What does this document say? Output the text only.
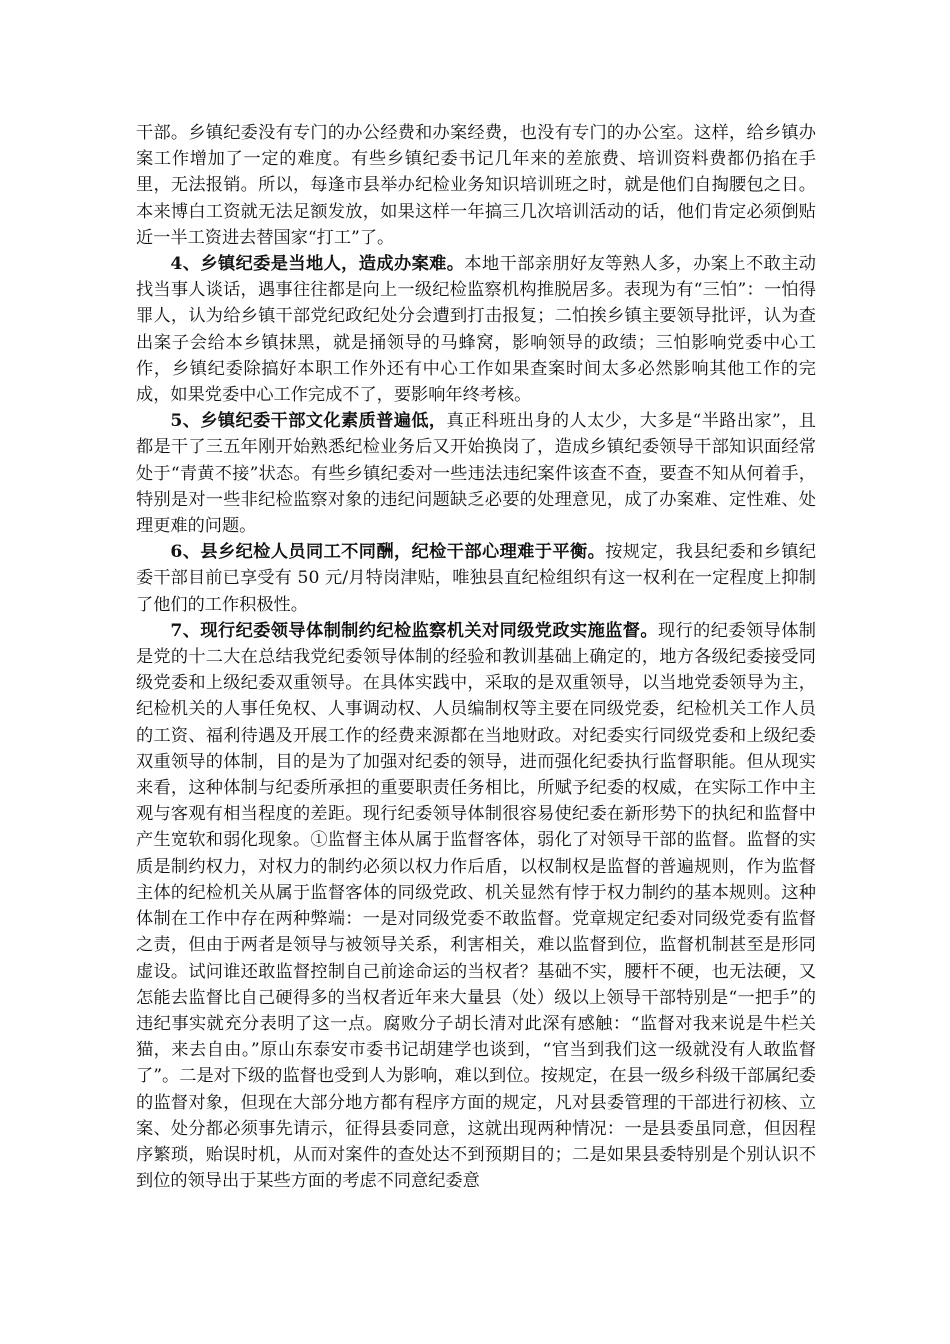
干部。乡镇纪委没有专门的办公经费和办案经费，也没有专门的办公室。这样，给乡镇办案工作增加了一定的难度。有些乡镇纪委书记几年来的差旅费、培训资料费都仍掐在手里，无法报销。所以，每逢市县举办纪检业务知识培训班之时，就是他们自掏腰包之日。本来博白工资就无法足额发放，如果这样一年搞三几次培训活动的话，他们肯定必须倒贴近一半工资进去替国家“打工”了。

4、乡镇纪委是当地人，造成办案难。本地干部亲朋好友等熟人多，办案上不敢主动找当事人谈话，遇事往往都是向上一级纪检监察机构推脱居多。表现为有“三怕”：一怕得罪人，认为给乡镇干部党纪政纪处分会遭到打击报复；二怕挨乡镇主要领导批评，认为查出案子会给本乡镇抹黑，就是捅领导的马蜂窝，影响领导的政绩；三怕影响党委中心工作，乡镇纪委除搞好本职工作外还有中心工作如果查案时间太多必然影响其他工作的完成，如果党委中心工作完成不了，要影响年终考核。

5、乡镇纪委干部文化素质普遍低，真正科班出身的人太少，大多是“半路出家”，且都是干了三五年刚开始熟悉纪检业务后又开始换岗了，造成乡镇纪委领导干部知识面经常处于“青黄不接”状态。有些乡镇纪委对一些违法违纪案件该查不查，要查不知从何着手，特别是对一些非纪检监察对象的违纪问题缺乏必要的处理意见，成了办案难、定性难、处理更难的问题。

6、县乡纪检人员同工不同酬，纪检干部心理难于平衡。按规定，我县纪委和乡镇纪委干部目前已享受有 50 元/月特岗津贴，唯独县直纪检组织有这一权利在一定程度上抑制了他们的工作积极性。

7、现行纪委领导体制制约纪检监察机关对同级党政实施监督。现行的纪委领导体制是党的十二大在总结我党纪委领导体制的经验和教训基础上确定的，地方各级纪委接受同级党委和上级纪委双重领导。在具体实践中，采取的是双重领导，以当地党委领导为主，纪检机关的人事任免权、人事调动权、人员编制权等主要在同级党委，纪检机关工作人员的工资、福利待遇及开展工作的经费来源都在当地财政。对纪委实行同级党委和上级纪委双重领导的体制，目的是为了加强对纪委的领导，进而强化纪委执行监督职能。但从现实来看，这种体制与纪委所承担的重要职责任务相比，所赋予纪委的权威，在实际工作中主观与客观有相当程度的差距。现行纪委领导体制很容易使纪委在新形势下的执纪和监督中产生宽软和弱化现象。①监督主体从属于监督客体，弱化了对领导干部的监督。监督的实质是制约权力，对权力的制约必须以权力作后盾，以权制权是监督的普遍规则，作为监督主体的纪检机关从属于监督客体的同级党政、机关显然有悖于权力制约的基本规则。这种体制在工作中存在两种弊端：一是对同级党委不敢监督。党章规定纪委对同级党委有监督之责，但由于两者是领导与被领导关系，利害相关，难以监督到位，监督机制甚至是形同虚设。试问谁还敢监督控制自己前途命运的当权者？基础不实，腰杆不硬，也无法硬，又怎能去监督比自己硬得多的当权者近年来大量县（处）级以上领导干部特别是“一把手”的违纪事实就充分表明了这一点。腐败分子胡长清对此深有感触：“监督对我来说是牛栏关猫，来去自由。”原山东泰安市委书记胡建学也谈到，“官当到我们这一级就没有人敢监督了”。二是对下级的监督也受到人为影响，难以到位。按规定，在县一级乡科级干部属纪委的监督对象，但现在大部分地方都有程序方面的规定，凡对县委管理的干部进行初核、立案、处分都必须事先请示，征得县委同意，这就出现两种情况：一是县委虽同意，但因程序繁琐，贻误时机，从而对案件的查处达不到预期目的；二是如果县委特别是个别认识不到位的领导出于某些方面的考虑不同意纪委意
